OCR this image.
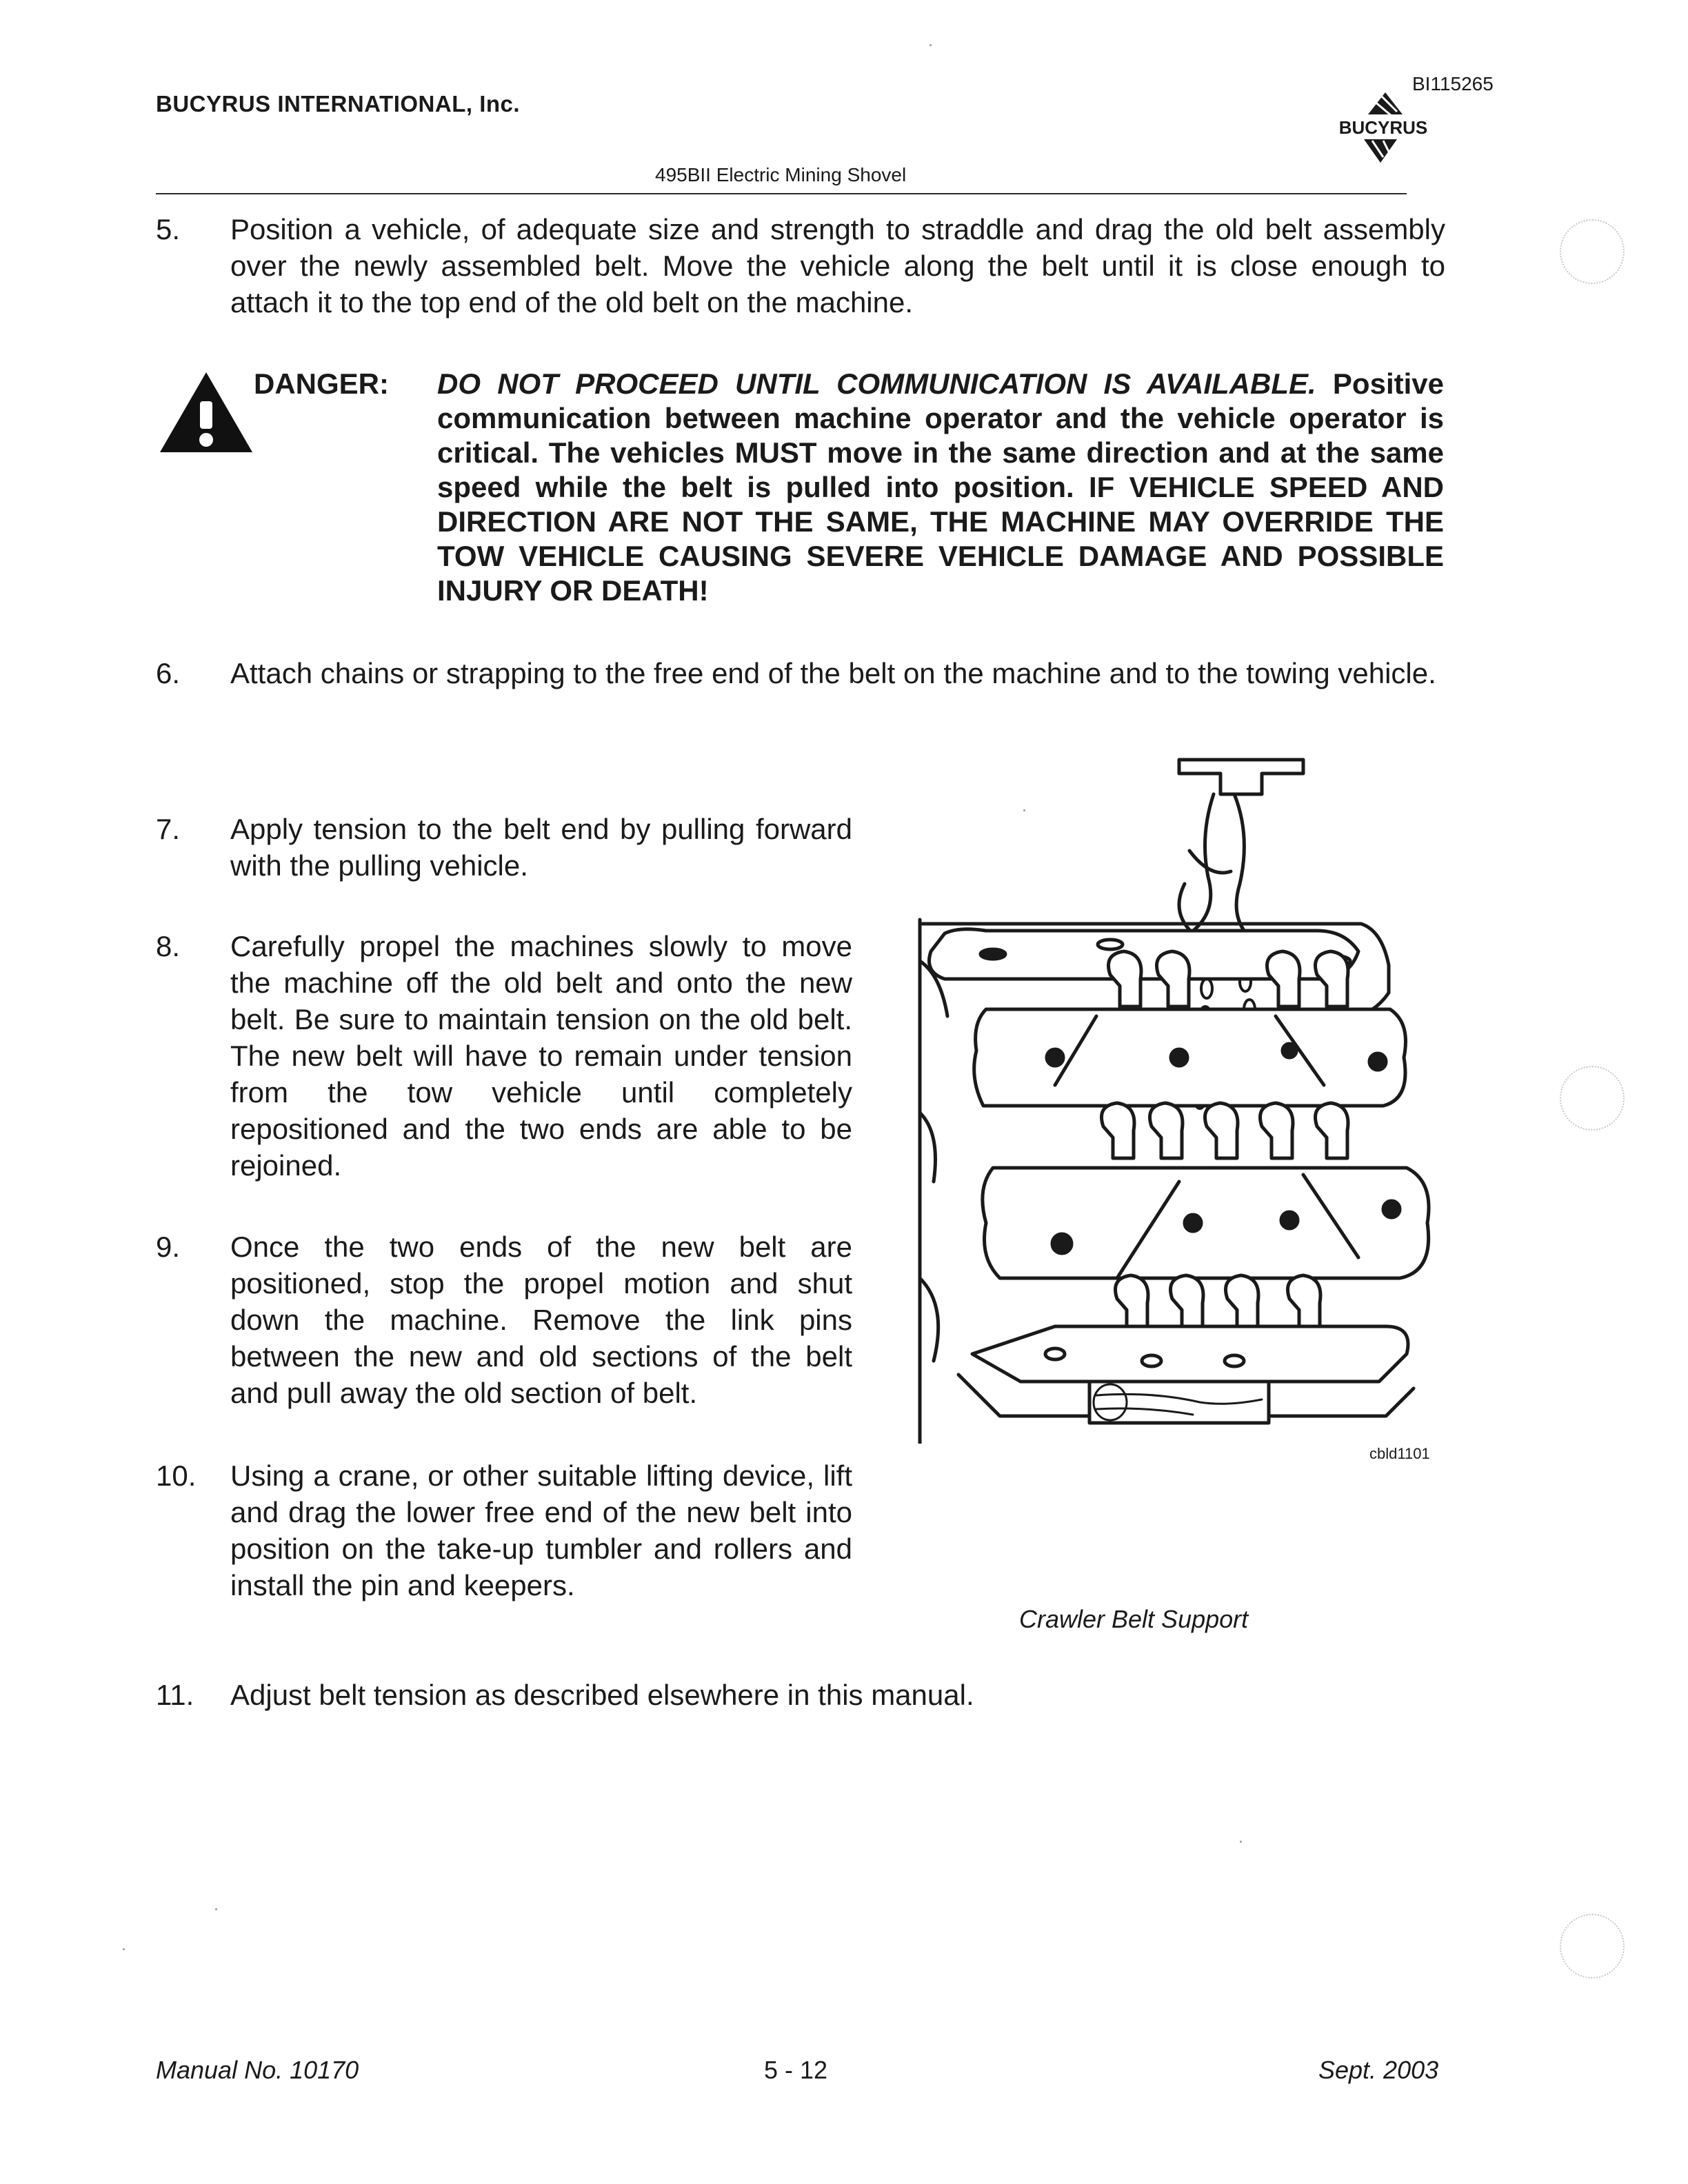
BUCYRUS INTERNATIONAL, Inc.
BI115265
BUCYRUS
495BII Electric Mining Shovel
5. Position a vehicle, of adequate size and strength to straddle and drag the old belt assembly over the newly assembled belt. Move the vehicle along the belt until it is close enough to attach it to the top end of the old belt on the machine.
DANGER: DO NOT PROCEED UNTIL COMMUNICATION IS AVAILABLE. Positive communication between machine operator and the vehicle operator is critical. The vehicles MUST move in the same direction and at the same speed while the belt is pulled into position. IF VEHICLE SPEED AND DIRECTION ARE NOT THE SAME, THE MACHINE MAY OVERRIDE THE TOW VEHICLE CAUSING SEVERE VEHICLE DAMAGE AND POSSIBLE INJURY OR DEATH!
6. Attach chains or strapping to the free end of the belt on the machine and to the towing vehicle.
7. Apply tension to the belt end by pulling forward with the pulling vehicle.
8. Carefully propel the machines slowly to move the machine off the old belt and onto the new belt. Be sure to maintain tension on the old belt. The new belt will have to remain under tension from the tow vehicle until completely repositioned and the two ends are able to be rejoined.
9. Once the two ends of the new belt are positioned, stop the propel motion and shut down the machine. Remove the link pins between the new and old sections of the belt and pull away the old section of belt.
10. Using a crane, or other suitable lifting device, lift and drag the lower free end of the new belt into position on the take-up tumbler and rollers and install the pin and keepers.
cbld1101
Crawler Belt Support
11. Adjust belt tension as described elsewhere in this manual.
Manual No. 10170	5 - 12	Sept. 2003
